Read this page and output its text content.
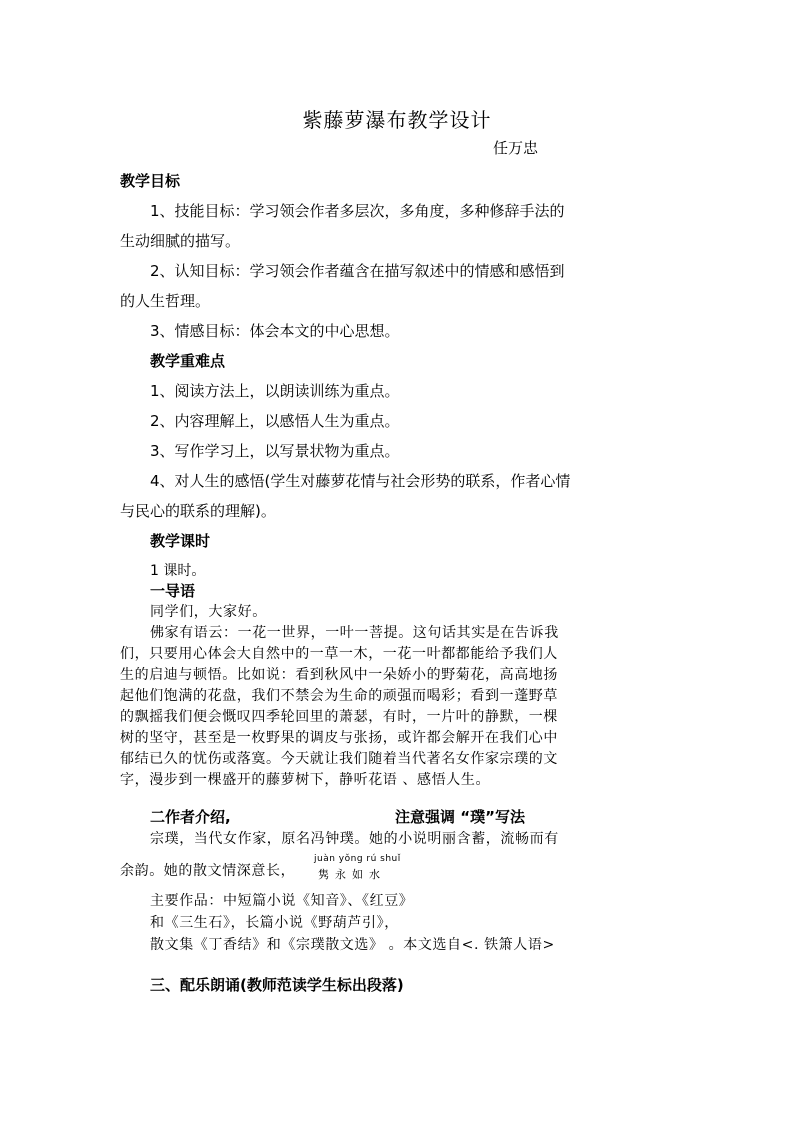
紫藤萝瀑布教学设计
任万忠
教学目标
1、技能目标：学习领会作者多层次，多角度，多种修辞手法的
生动细腻的描写。
2、认知目标：学习领会作者蕴含在描写叙述中的情感和感悟到
的人生哲理。
3、情感目标：体会本文的中心思想。
教学重难点
1、阅读方法上，以朗读训练为重点。
2、内容理解上，以感悟人生为重点。
3、写作学习上，以写景状物为重点。
4、对人生的感悟(学生对藤萝花情与社会形势的联系，作者心情
与民心的联系的理解)。
教学课时
1 课时。
一导语
同学们，大家好。
佛家有语云：一花一世界，一叶一菩提。这句话其实是在告诉我
们，只要用心体会大自然中的一草一木，一花一叶都都能给予我们人
生的启迪与顿悟。比如说：看到秋风中一朵娇小的野菊花，高高地扬
起他们饱满的花盘，我们不禁会为生命的顽强而喝彩；看到一蓬野草
的飘摇我们便会慨叹四季轮回里的萧瑟，有时，一片叶的静默，一棵
树的坚守，甚至是一枚野果的调皮与张扬，或许都会解开在我们心中
郁结已久的忧伤或落寞。今天就让我们随着当代著名女作家宗璞的文
字，漫步到一棵盛开的藤萝树下，静听花语 、感悟人生。
二作者介绍,	注意强调 “璞”写法
宗璞，当代女作家，原名冯钟璞。她的小说明丽含蓄，流畅而有
余韵。她的散文情深意长，
juàn yǒng rú shuǐ
隽永如水
主要作品：中短篇小说《知音》、《红豆》
和《三生石》，长篇小说《野葫芦引》，
散文集《丁香结》和《宗璞散文选》 。本文选自<. 铁箫人语>
三、配乐朗诵(教师范读学生标出段落)
